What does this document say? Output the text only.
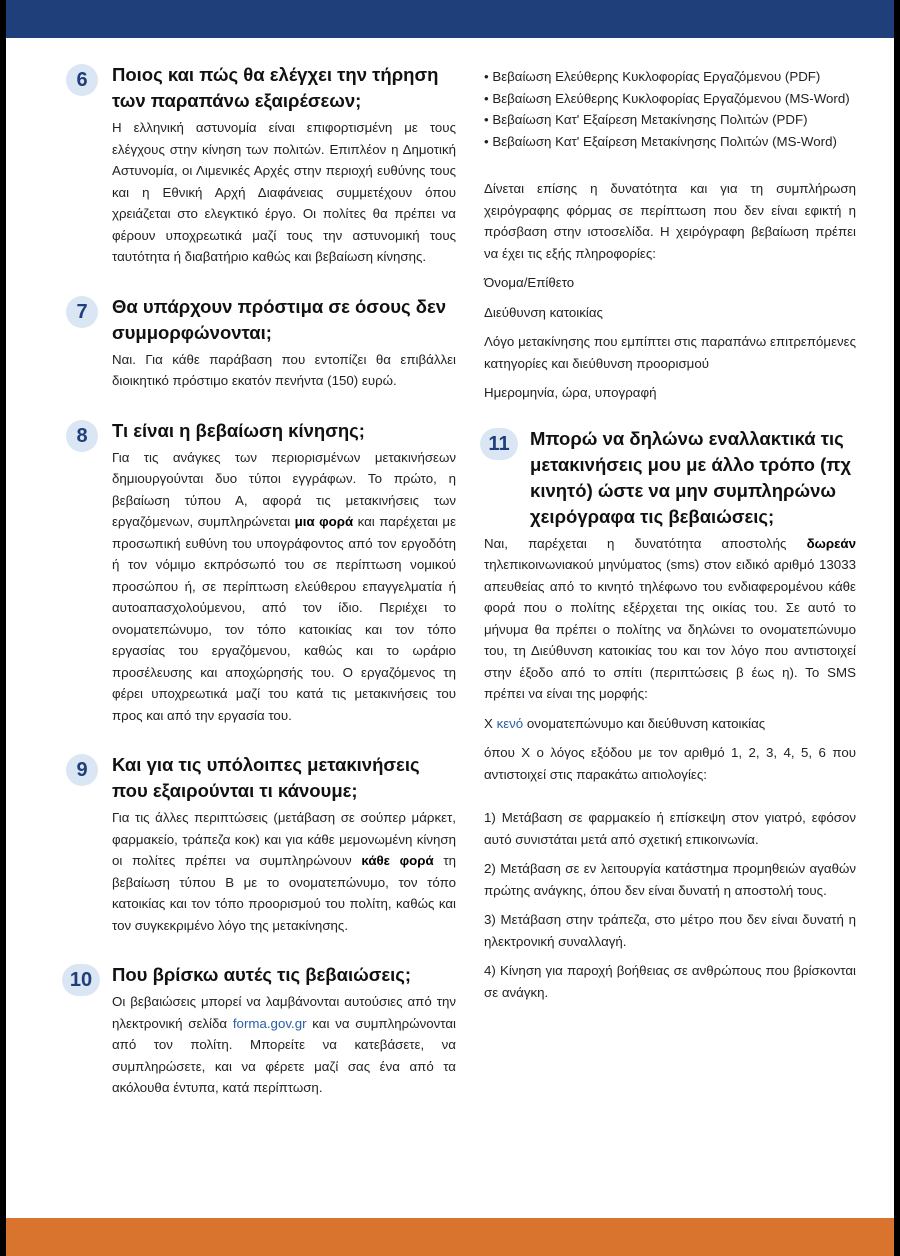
6	Ποιος και πώς θα ελέγχει την τήρηση των παραπάνω εξαιρέσεων;

Η ελληνική αστυνομία είναι επιφορτισμένη με τους ελέγχους στην κίνηση των πολιτών. Επιπλέον η Δημοτική Αστυνομία, οι Λιμενικές Αρχές στην περιοχή ευθύνης τους και η Εθνική Αρχή Διαφάνειας συμμετέχουν όπου χρειάζεται στο ελεγκτικό έργο. Οι πολίτες θα πρέπει να φέρουν υποχρεωτικά μαζί τους την αστυνομική τους ταυτότητα ή διαβατήριο καθώς και βεβαίωση κίνησης.

7	Θα υπάρχουν πρόστιμα σε όσους δεν συμμορφώνονται;

Ναι. Για κάθε παράβαση που εντοπίζει θα επιβάλλει διοικητικό πρόστιμο εκατόν πενήντα (150) ευρώ.

8	Τι είναι η βεβαίωση κίνησης;

Για τις ανάγκες των περιορισμένων μετακινήσεων δημιουργούνται δυο τύποι εγγράφων. Το πρώτο, η βεβαίωση τύπου Α, αφορά τις μετακινήσεις των εργαζόμενων, συμπληρώνεται μια φορά και παρέχεται με προσωπική ευθύνη του υπογράφοντος από τον εργοδότη ή τον νόμιμο εκπρόσωπό του σε περίπτωση νομικού προσώπου ή, σε περίπτωση ελεύθερου επαγγελματία ή αυτοαπασχολούμενου, από τον ίδιο. Περιέχει το ονοματεπώνυμο, τον τόπο κατοικίας και τον τόπο εργασίας του εργαζόμενου, καθώς και το ωράριο προσέλευσης και αποχώρησής του. Ο εργαζόμενος τη φέρει υποχρεωτικά μαζί του κατά τις μετακινήσεις του προς και από την εργασία του.

9	Και για τις υπόλοιπες μετακινήσεις που εξαιρούνται τι κάνουμε;

Για τις άλλες περιπτώσεις (μετάβαση σε σούπερ μάρκετ, φαρμακείο, τράπεζα κοκ) και για κάθε μεμονωμένη κίνηση οι πολίτες πρέπει να συμπληρώνουν κάθε φορά τη βεβαίωση τύπου Β με το ονοματεπώνυμο, τον τόπο κατοικίας και τον τόπο προορισμού του πολίτη, καθώς και τον συγκεκριμένο λόγο της μετακίνησης.

10	Που βρίσκω αυτές τις βεβαιώσεις;

Οι βεβαιώσεις μπορεί να λαμβάνονται αυτούσιες από την ηλεκτρονική σελίδα forma.gov.gr και να συμπληρώνονται από τον πολίτη. Μπορείτε να κατεβάσετε, να συμπληρώσετε, και να φέρετε μαζί σας ένα από τα ακόλουθα έντυπα, κατά περίπτωση.

• Βεβαίωση Ελεύθερης Κυκλοφορίας Εργαζόμενου (PDF)
• Βεβαίωση Ελεύθερης Κυκλοφορίας Εργαζόμενου (MS-Word)
• Βεβαίωση Κατ' Εξαίρεση Μετακίνησης Πολιτών (PDF)
• Βεβαίωση Κατ' Εξαίρεση Μετακίνησης Πολιτών (MS-Word)

Δίνεται επίσης η δυνατότητα και για τη συμπλήρωση χειρόγραφης φόρμας σε περίπτωση που δεν είναι εφικτή η πρόσβαση στην ιστοσελίδα. Η χειρόγραφη βεβαίωση πρέπει να έχει τις εξής πληροφορίες:

Όνομα/Επίθετο

Διεύθυνση κατοικίας

Λόγο μετακίνησης που εμπίπτει στις παραπάνω επιτρεπόμενες κατηγορίες και διεύθυνση προορισμού

Ημερομηνία, ώρα, υπογραφή

11	Μπορώ να δηλώνω εναλλακτικά τις μετακινήσεις μου με άλλο τρόπο (πχ κινητό) ώστε να μην συμπληρώνω χειρόγραφα τις βεβαιώσεις;

Ναι, παρέχεται η δυνατότητα αποστολής δωρεάν τηλεπικοινωνιακού μηνύματος (sms) στον ειδικό αριθμό 13033 απευθείας από το κινητό τηλέφωνο του ενδιαφερομένου κάθε φορά που ο πολίτης εξέρχεται της οικίας του. Σε αυτό το μήνυμα θα πρέπει ο πολίτης να δηλώνει το ονοματεπώνυμο του, τη Διεύθυνση κατοικίας του και τον λόγο που αντιστοιχεί στην έξοδο από το σπίτι (περιπτώσεις β έως η). Το SMS πρέπει να είναι της μορφής:

Χ κενό ονοματεπώνυμο και διεύθυνση κατοικίας

όπου Χ ο λόγος εξόδου με τον αριθμό 1, 2, 3, 4, 5, 6 που αντιστοιχεί στις παρακάτω αιτιολογίες:

1) Μετάβαση σε φαρμακείο ή επίσκεψη στον γιατρό, εφόσον αυτό συνιστάται μετά από σχετική επικοινωνία.

2) Μετάβαση σε εν λειτουργία κατάστημα προμηθειών αγαθών πρώτης ανάγκης, όπου δεν είναι δυνατή η αποστολή τους.

3) Μετάβαση στην τράπεζα, στο μέτρο που δεν είναι δυνατή η ηλεκτρονική συναλλαγή.

4) Κίνηση για παροχή βοήθειας σε ανθρώπους που βρίσκονται σε ανάγκη.
